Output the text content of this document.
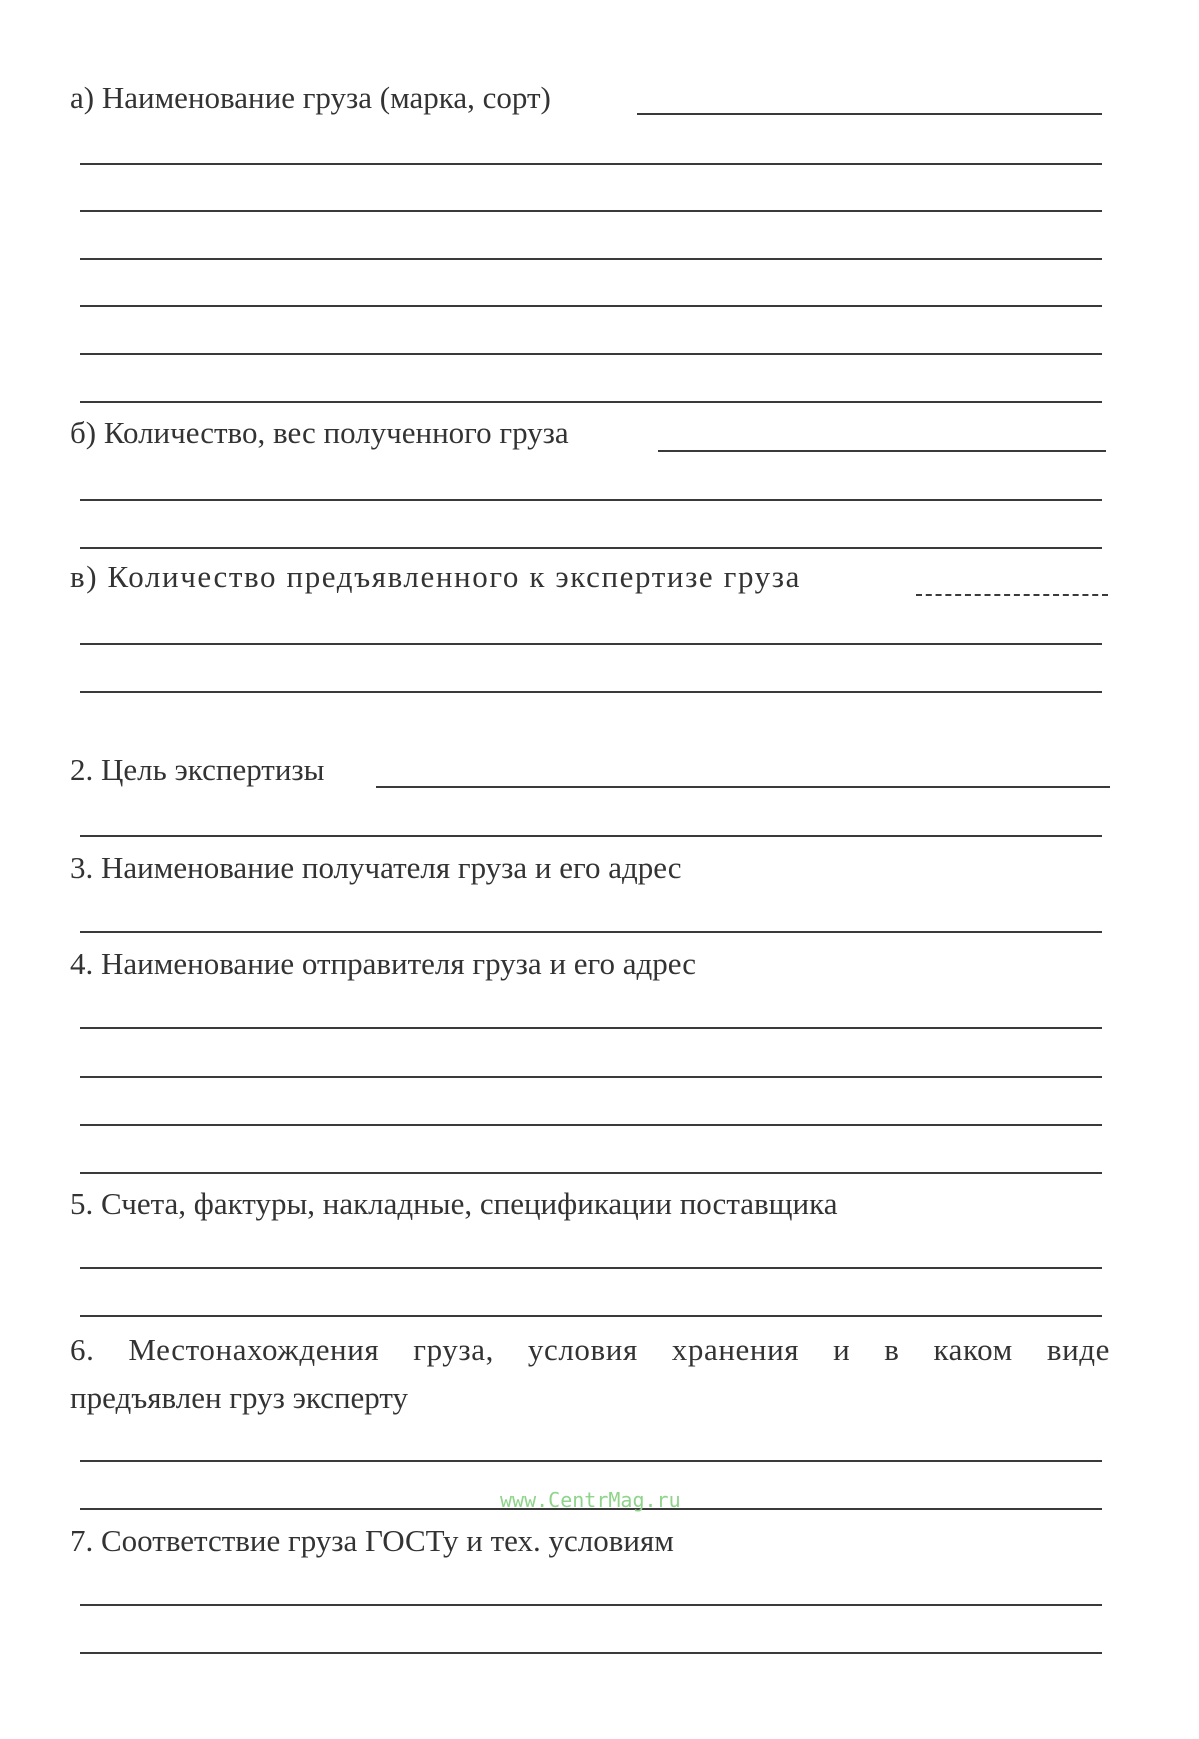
а) Наименование груза (марка, сорт)
б) Количество, вес полученного груза
в) Количество предъявленного к экспертизе груза
2. Цель экспертизы
3. Наименование получателя груза и его адрес
4. Наименование отправителя груза и его адрес
5. Счета, фактуры, накладные, спецификации поставщика
6. Местонахождения груза, условия хранения и в каком виде
предъявлен груз эксперту
www.CentrMag.ru
7. Соответствие груза ГОСТу и тех. условиям
